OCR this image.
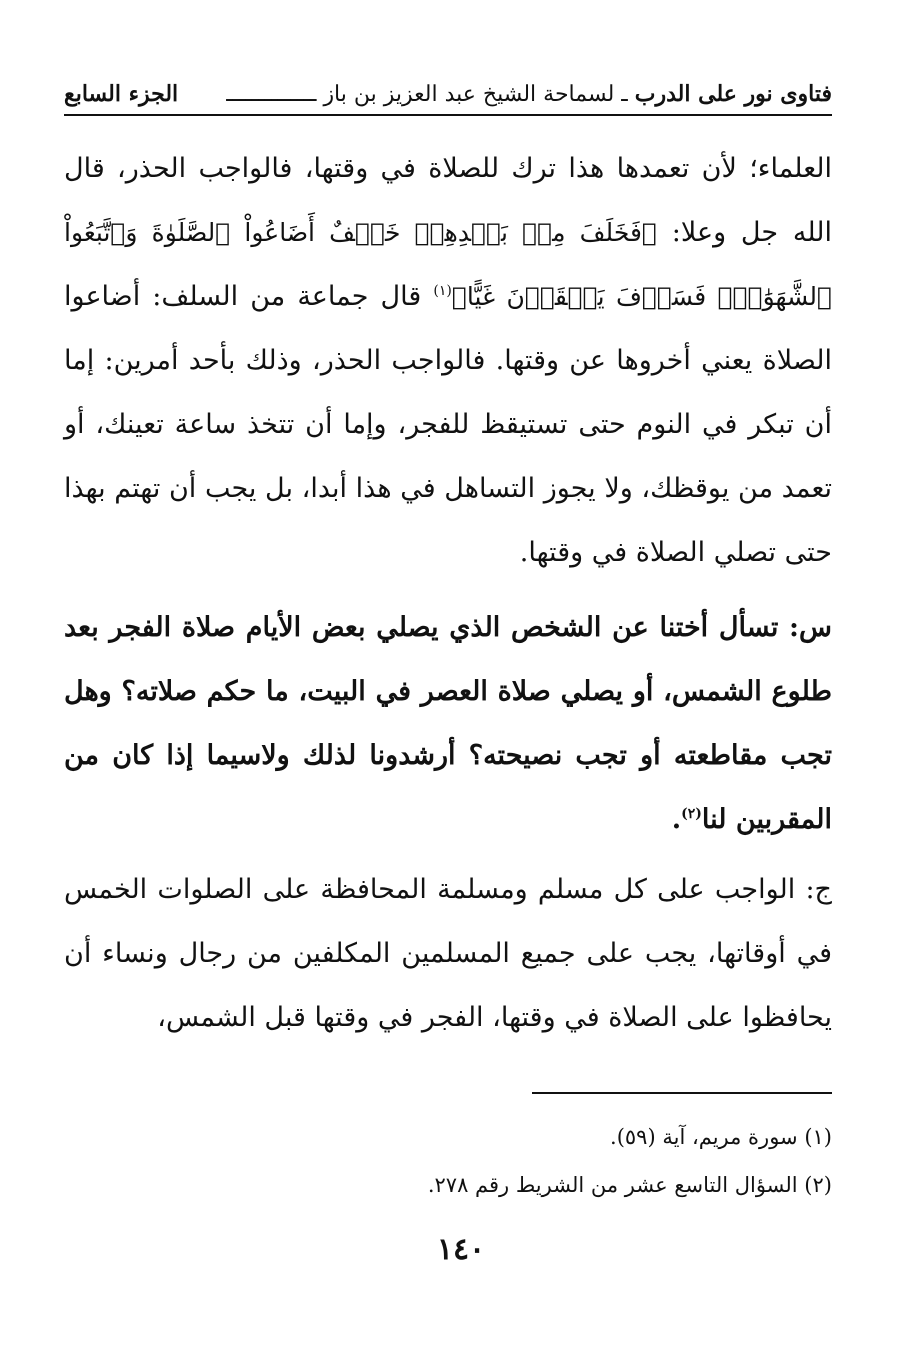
فتاوى نور على الدرب ـ لسماحة الشيخ عبد العزيز بن باز ــــــــــــــ
الجزء السابع

العلماء؛ لأن تعمدها هذا ترك للصلاة في وقتها، فالواجب الحذر، قال الله جل وعلا: ﴿فَخَلَفَ مِنۢ بَعۡدِهِمۡ خَلۡفٌ أَضَاعُواْ ٱلصَّلَوٰةَ وَٱتَّبَعُواْ ٱلشَّهَوَٰتِۖ فَسَوۡفَ يَلۡقَوۡنَ غَيًّا﴾$^{(١)}$ قال جماعة من السلف: أضاعوا الصلاة يعني أخروها عن وقتها. فالواجب الحذر، وذلك بأحد أمرين: إما أن تبكر في النوم حتى تستيقظ للفجر، وإما أن تتخذ ساعة تعينك، أو تعمد من يوقظك، ولا يجوز التساهل في هذا أبدا، بل يجب أن تهتم بهذا حتى تصلي الصلاة في وقتها.

س: تسأل أختنا عن الشخص الذي يصلي بعض الأيام صلاة الفجر بعد طلوع الشمس، أو يصلي صلاة العصر في البيت، ما حكم صلاته؟ وهل تجب مقاطعته أو تجب نصيحته؟ أرشدونا لذلك ولاسيما إذا كان من المقربين لنا$^{(٢)}$.

ج: الواجب على كل مسلم ومسلمة المحافظة على الصلوات الخمس في أوقاتها، يجب على جميع المسلمين المكلفين من رجال ونساء أن يحافظوا على الصلاة في وقتها، الفجر في وقتها قبل الشمس،

(١) سورة مريم، آية (٥٩).
(٢) السؤال التاسع عشر من الشريط رقم ٢٧٨.
١٤٠
